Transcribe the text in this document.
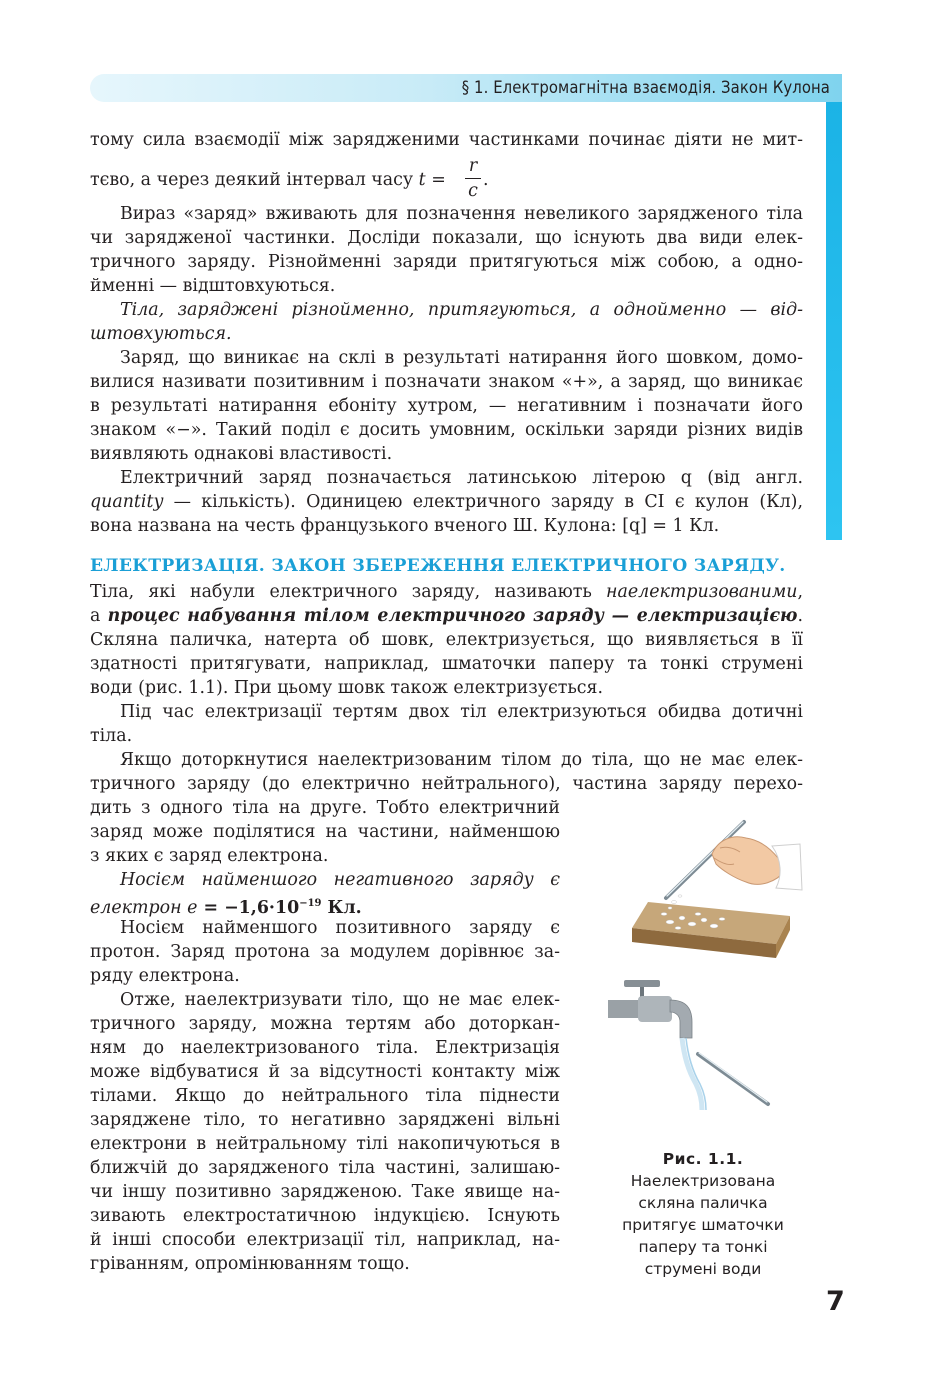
§ 1. Електромагнітна взаємодія. Закон Кулона
тому сила взаємодії між зарядженими частинками починає діяти не мит-
тєво, а через деякий інтервал часу t =
r
c
.
Вираз «заряд» вживають для позначення невеликого зарядженого тіла
чи зарядженої частинки. Досліди показали, що існують два види елек-
тричного заряду. Різнойменні заряди притягуються між собою, а одно-
йменні — відштовхуються.
Тіла, заряджені різнойменно, притягуються, а однойменно — від-
штовхуються.
Заряд, що виникає на склі в результаті натирання його шовком, домо-
вилися називати позитивним і позначати знаком «+», а заряд, що виникає
в результаті натирання ебоніту хутром, — негативним і позначати його
знаком «−». Такий поділ є досить умовним, оскільки заряди різних видів
виявляють однакові властивості.
Електричний заряд позначається латинською літерою q (від англ.
quantity — кількість). Одиницею електричного заряду в СІ є кулон (Кл),
вона названа на честь французького вченого Ш. Кулона: [q] = 1 Кл.
ЕЛЕКТРИЗАЦІЯ. ЗАКОН ЗБЕРЕЖЕННЯ ЕЛЕКТРИЧНОГО ЗАРЯДУ.
Тіла, які набули електричного заряду, називають наелектризованими,
а процес набування тілом електричного заряду — електризацією.
Скляна паличка, натерта об шовк, електризується, що виявляється в її
здатності притягувати, наприклад, шматочки паперу та тонкі струмені
води (рис. 1.1). При цьому шовк також електризується.
Під час електризації тертям двох тіл електризуються обидва дотичні
тіла.
Якщо доторкнутися наелектризованим тілом до тіла, що не має елек-
тричного заряду (до електрично нейтрального), частина заряду перехо-
дить з одного тіла на друге. Тобто електричний
заряд може поділятися на частини, найменшою
з яких є заряд електрона.
Носієм найменшого негативного заряду є
електрон $e = -1,6\cdot 10^{-19}$ Кл.
Носієм найменшого позитивного заряду є
протон. Заряд протона за модулем дорівнює за-
ряду електрона.
Отже, наелектризувати тіло, що не має елек-
тричного заряду, можна тертям або доторкан-
ням до наелектризованого тіла. Електризація
може відбуватися й за відсутності контакту між
тілами. Якщо до нейтрального тіла піднести
заряджене тіло, то негативно заряджені вільні
електрони в нейтральному тілі накопичуються в
ближчій до зарядженого тіла частині, залишаю-
чи іншу позитивно зарядженою. Таке явище на-
зивають електростатичною індукцією. Існують
й інші способи електризації тіл, наприклад, на-
гріванням, опромінюванням тощо.
Рис. 1.1.
Наелектризована
скляна паличка
притягує шматочки
паперу та тонкі
струмені води
7
